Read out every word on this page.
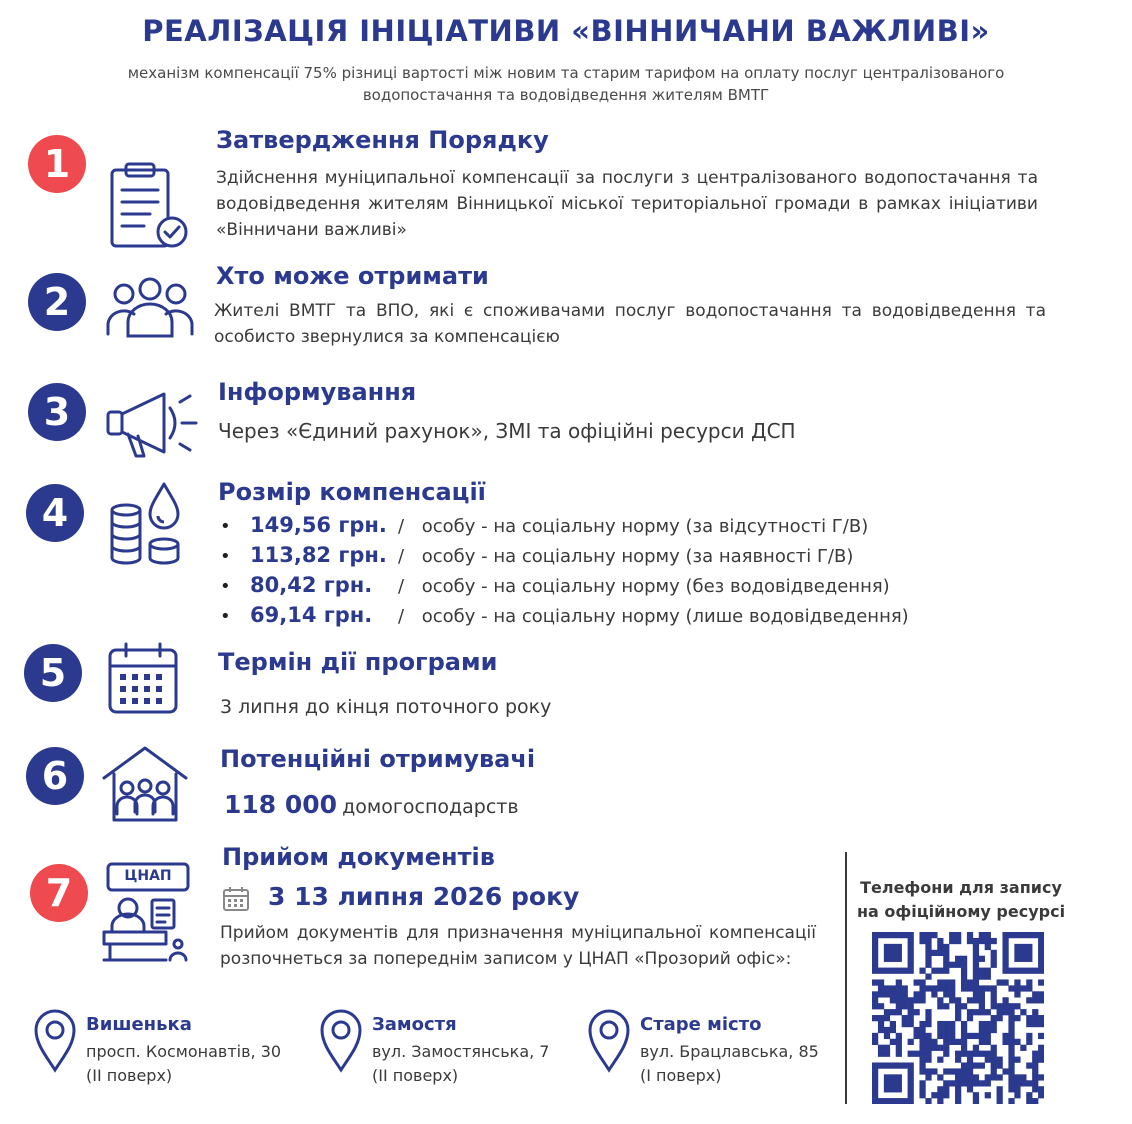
РЕАЛІЗАЦІЯ ІНІЦІАТИВИ «ВІННИЧАНИ ВАЖЛИВІ»
механізм компенсації 75% різниці вартості між новим та старим тарифом на оплату послуг централізованого
водопостачання та водовідведення жителям ВМТГ
1
Затвердження Порядку
Здійснення муніципальної компенсації за послуги з централізованого водопостачання та водовідведення жителям Вінницької міської територіальної громади в рамках ініціативи «Вінничани важливі»
2
Хто може отримати
Жителі ВМТГ та ВПО, які є споживачами послуг водопостачання та водовідведення та особисто звернулися за компенсацією
3	Інформування
Через «Єдиний рахунок», ЗМІ та офіційні ресурси ДСП
4	Розмір компенсації
• 149,56 грн. / особу - на соціальну норму (за відсутності Г/В)
• 113,82 грн. / особу - на соціальну норму (за наявності Г/В)
• 80,42 грн. / особу - на соціальну норму (без водовідведення)
• 69,14 грн. / особу - на соціальну норму (лише водовідведення)
5	Термін дії програми
3 липня до кінця поточного року
6	Потенційні отримувачі
118 000 домогосподарств
7	ЦНАП
Прийом документів
3 13 липня 2026 року
Прийом документів для призначення муніципальної компенсації розпочнеться за попереднім записом у ЦНАП «Прозорий офіс»:
Вишенька
просп. Космонавтів, 30
(II поверх)
Замостя
вул. Замостянська, 7
(II поверх)
Старе місто
вул. Брацлавська, 85
(I поверх)
Телефони для запису на офіційному ресурсі
